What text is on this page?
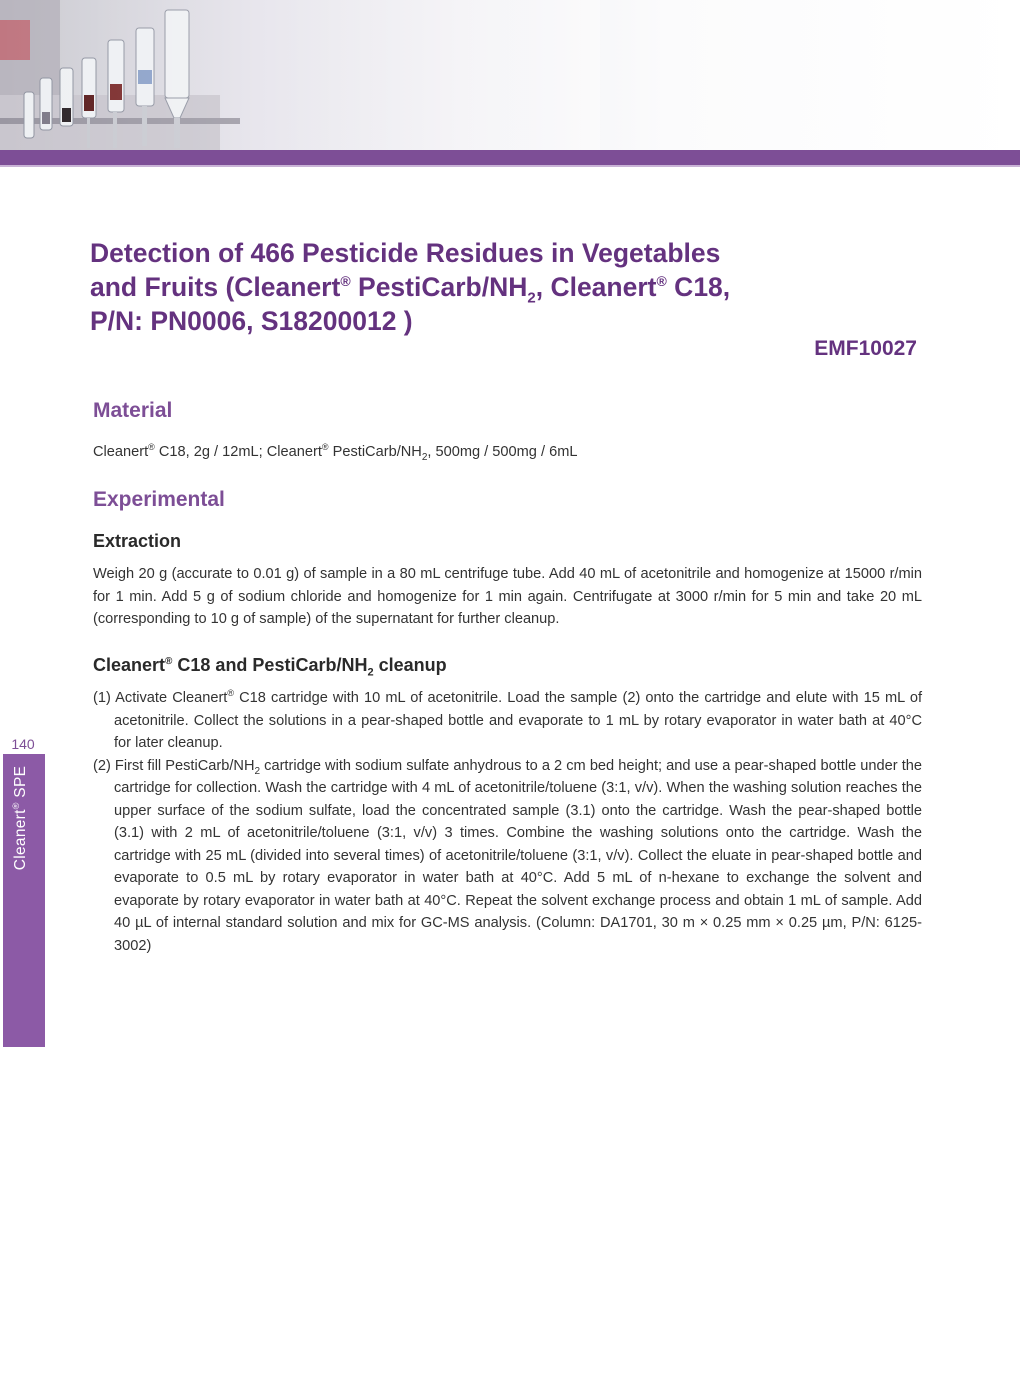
Detection of 466 Pesticide Residues in Vegetables
and Fruits (Cleanert® PestiCarb/$NH_2$, Cleanert® C18,
P/N: PN0006, S18200012 )
EMF10027
Material

Cleanert® C18, 2g / 12mL; Cleanert® PestiCarb/$NH_2$, 500mg / 500mg / 6mL

Experimental
Extraction

Weigh 20 g (accurate to 0.01 g) of sample in a 80 mL centrifuge tube. Add 40 mL of acetonitrile and homogenize at 15000 r/min for 1 min. Add 5 g of sodium chloride and homogenize for 1 min again. Centrifugate at 3000 r/min for 5 min and take 20 mL (corresponding to 10 g of sample) of the supernatant for further cleanup.

Cleanert® C18 and PestiCarb/$NH_2$ cleanup
(1) Activate Cleanert® C18 cartridge with 10 mL of acetonitrile. Load the sample (2) onto the cartridge and elute with 15 mL of acetonitrile. Collect the solutions in a pear-shaped bottle and evaporate to 1 mL by rotary evaporator in water bath at 40°C for later cleanup.
(2) First fill PestiCarb/$NH_2$ cartridge with sodium sulfate anhydrous to a 2 cm bed height; and use a pear-shaped bottle under the cartridge for collection. Wash the cartridge with 4 mL of acetonitrile/toluene (3:1, v/v). When the washing solution reaches the upper surface of the sodium sulfate, load the concentrated sample (3.1) onto the cartridge. Wash the pear-shaped bottle (3.1) with 2 mL of acetonitrile/toluene (3:1, v/v) 3 times. Combine the washing solutions onto the cartridge. Wash the cartridge with 25 mL (divided into several times) of acetonitrile/toluene (3:1, v/v). Collect the eluate in pear-shaped bottle and evaporate to 0.5 mL by rotary evaporator in water bath at 40°C. Add 5 mL of n-hexane to exchange the solvent and evaporate by rotary evaporator in water bath at 40°C. Repeat the solvent exchange process and obtain 1 mL of sample. Add 40 µL of internal standard solution and mix for GC-MS analysis. (Column: DA1701, 30 m × 0.25 mm × 0.25 µm, P/N: 6125-3002)
140
Cleanert® SPE
